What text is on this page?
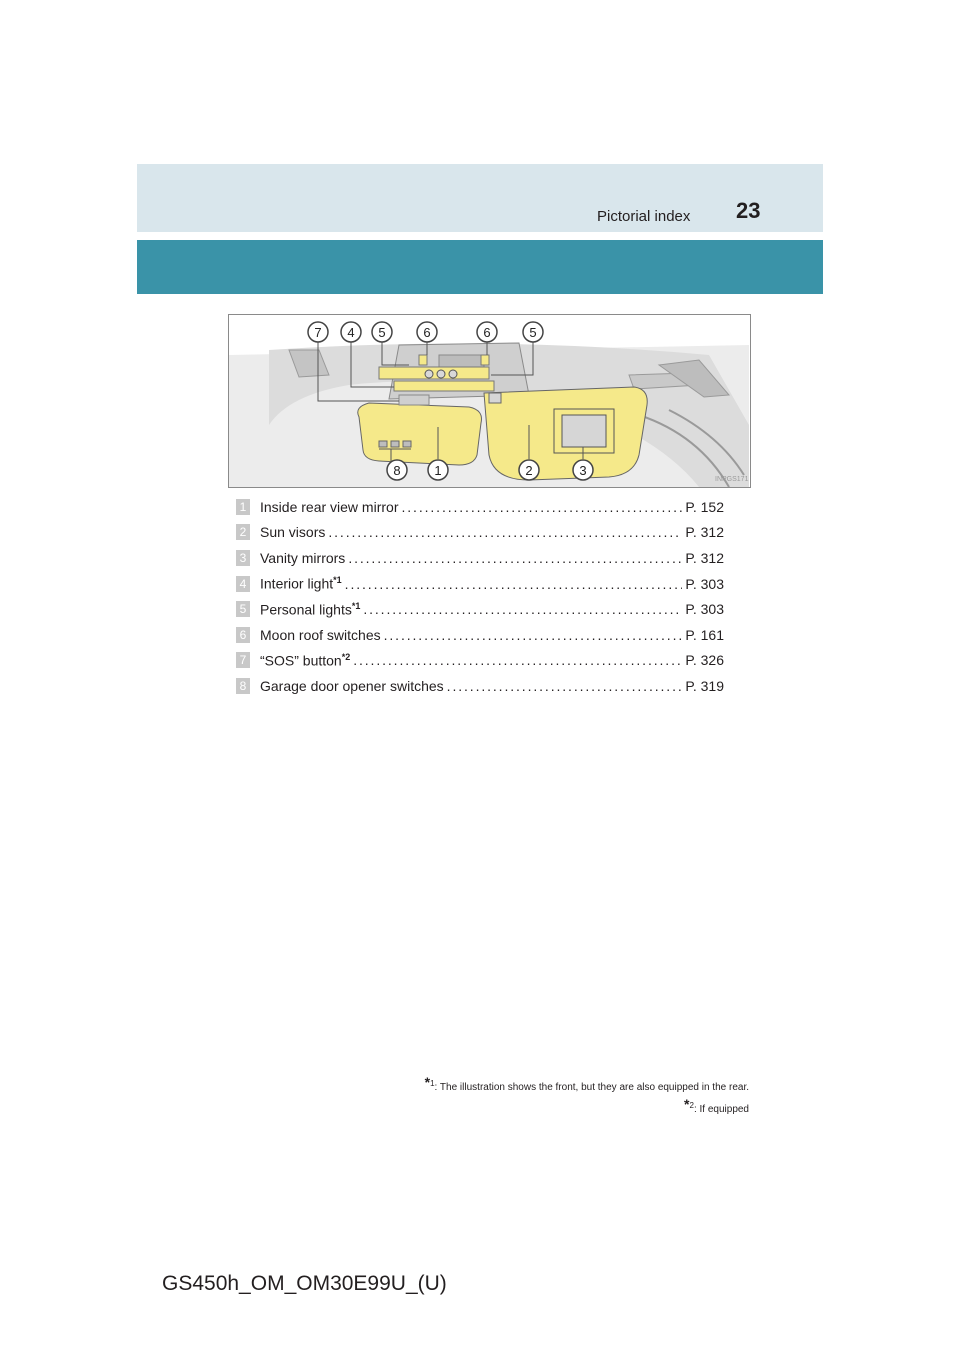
Pictorial index 23
7 4 5	6	6	5
8	1	2	3
INPGS171
1 Inside rear view mirror . . .	P. 152
2 Sun visors . . .	P. 312
3 Vanity mirrors . . .	P. 312
4 Interior light$^{*1}$ . . .	P. 303
5 Personal lights$^{*1}$ . . .	P. 303
6 Moon roof switches . . .	P. 161
7 “SOS” button$^{*2}$ . . .	P. 326
8 Garage door opener switches . . .	P. 319
*$^1$: The illustration shows the front, but they are also equipped in the rear.
*$^2$: If equipped
GS450h_OM_OM30E99U_(U)
